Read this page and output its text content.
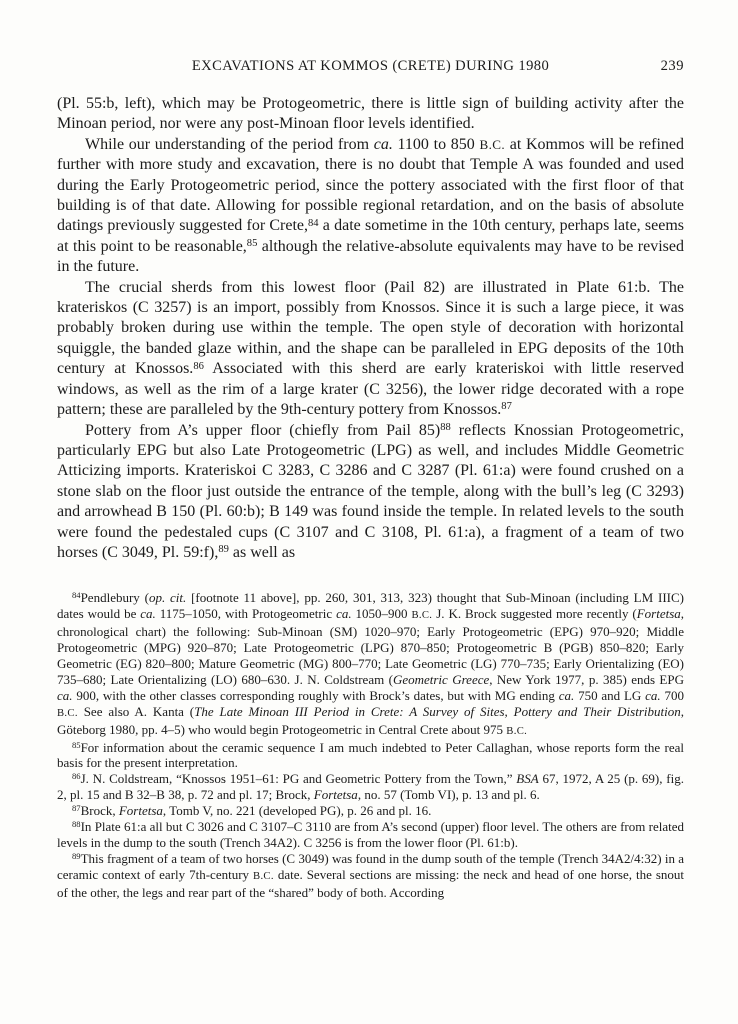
EXCAVATIONS AT KOMMOS (CRETE) DURING 1980	239

(Pl. 55:b, left), which may be Protogeometric, there is little sign of building activity after the Minoan period, nor were any post-Minoan floor levels identified.

While our understanding of the period from ca. 1100 to 850 B.C. at Kommos will be refined further with more study and excavation, there is no doubt that Temple A was founded and used during the Early Protogeometric period, since the pottery associated with the first floor of that building is of that date. Allowing for possible regional retardation, and on the basis of absolute datings previously suggested for Crete,$^{84}$ a date sometime in the 10th century, perhaps late, seems at this point to be reasonable,$^{85}$ although the relative-absolute equivalents may have to be revised in the future.

The crucial sherds from this lowest floor (Pail 82) are illustrated in Plate 61:b. The krateriskos (C 3257) is an import, possibly from Knossos. Since it is such a large piece, it was probably broken during use within the temple. The open style of decoration with horizontal squiggle, the banded glaze within, and the shape can be paralleled in EPG deposits of the 10th century at Knossos.$^{86}$ Associated with this sherd are early krateriskoi with little reserved windows, as well as the rim of a large krater (C 3256), the lower ridge decorated with a rope pattern; these are paralleled by the 9th-century pottery from Knossos.$^{87}$

Pottery from A’s upper floor (chiefly from Pail 85)$^{88}$ reflects Knossian Protogeometric, particularly EPG but also Late Protogeometric (LPG) as well, and includes Middle Geometric Atticizing imports. Krateriskoi C 3283, C 3286 and C 3287 (Pl. 61:a) were found crushed on a stone slab on the floor just outside the entrance of the temple, along with the bull’s leg (C 3293) and arrowhead B 150 (Pl. 60:b); B 149 was found inside the temple. In related levels to the south were found the pedestaled cups (C 3107 and C 3108, Pl. 61:a), a fragment of a team of two horses (C 3049, Pl. 59:f),$^{89}$ as well as

$^{84}$Pendlebury (op. cit. [footnote 11 above], pp. 260, 301, 313, 323) thought that Sub-Minoan (including LM IIIC) dates would be ca. 1175–1050, with Protogeometric ca. 1050–900 B.C. J. K. Brock suggested more recently (Fortetsa, chronological chart) the following: Sub-Minoan (SM) 1020–970; Early Protogeometric (EPG) 970–920; Middle Protogeometric (MPG) 920–870; Late Protogeometric (LPG) 870–850; Protogeometric B (PGB) 850–820; Early Geometric (EG) 820–800; Mature Geometric (MG) 800–770; Late Geometric (LG) 770–735; Early Orientalizing (EO) 735–680; Late Orientalizing (LO) 680–630. J. N. Coldstream (Geometric Greece, New York 1977, p. 385) ends EPG ca. 900, with the other classes corresponding roughly with Brock’s dates, but with MG ending ca. 750 and LG ca. 700 B.C. See also A. Kanta (The Late Minoan III Period in Crete: A Survey of Sites, Pottery and Their Distribution, Göteborg 1980, pp. 4–5) who would begin Protogeometric in Central Crete about 975 B.C.

$^{85}$For information about the ceramic sequence I am much indebted to Peter Callaghan, whose reports form the real basis for the present interpretation.

$^{86}$J. N. Coldstream, “Knossos 1951–61: PG and Geometric Pottery from the Town,” BSA 67, 1972, A 25 (p. 69), fig. 2, pl. 15 and B 32–B 38, p. 72 and pl. 17; Brock, Fortetsa, no. 57 (Tomb VI), p. 13 and pl. 6.

$^{87}$Brock, Fortetsa, Tomb V, no. 221 (developed PG), p. 26 and pl. 16.

$^{88}$In Plate 61:a all but C 3026 and C 3107–C 3110 are from A’s second (upper) floor level. The others are from related levels in the dump to the south (Trench 34A2). C 3256 is from the lower floor (Pl. 61:b).

$^{89}$This fragment of a team of two horses (C 3049) was found in the dump south of the temple (Trench 34A2/4:32) in a ceramic context of early 7th-century B.C. date. Several sections are missing: the neck and head of one horse, the snout of the other, the legs and rear part of the “shared” body of both. According
